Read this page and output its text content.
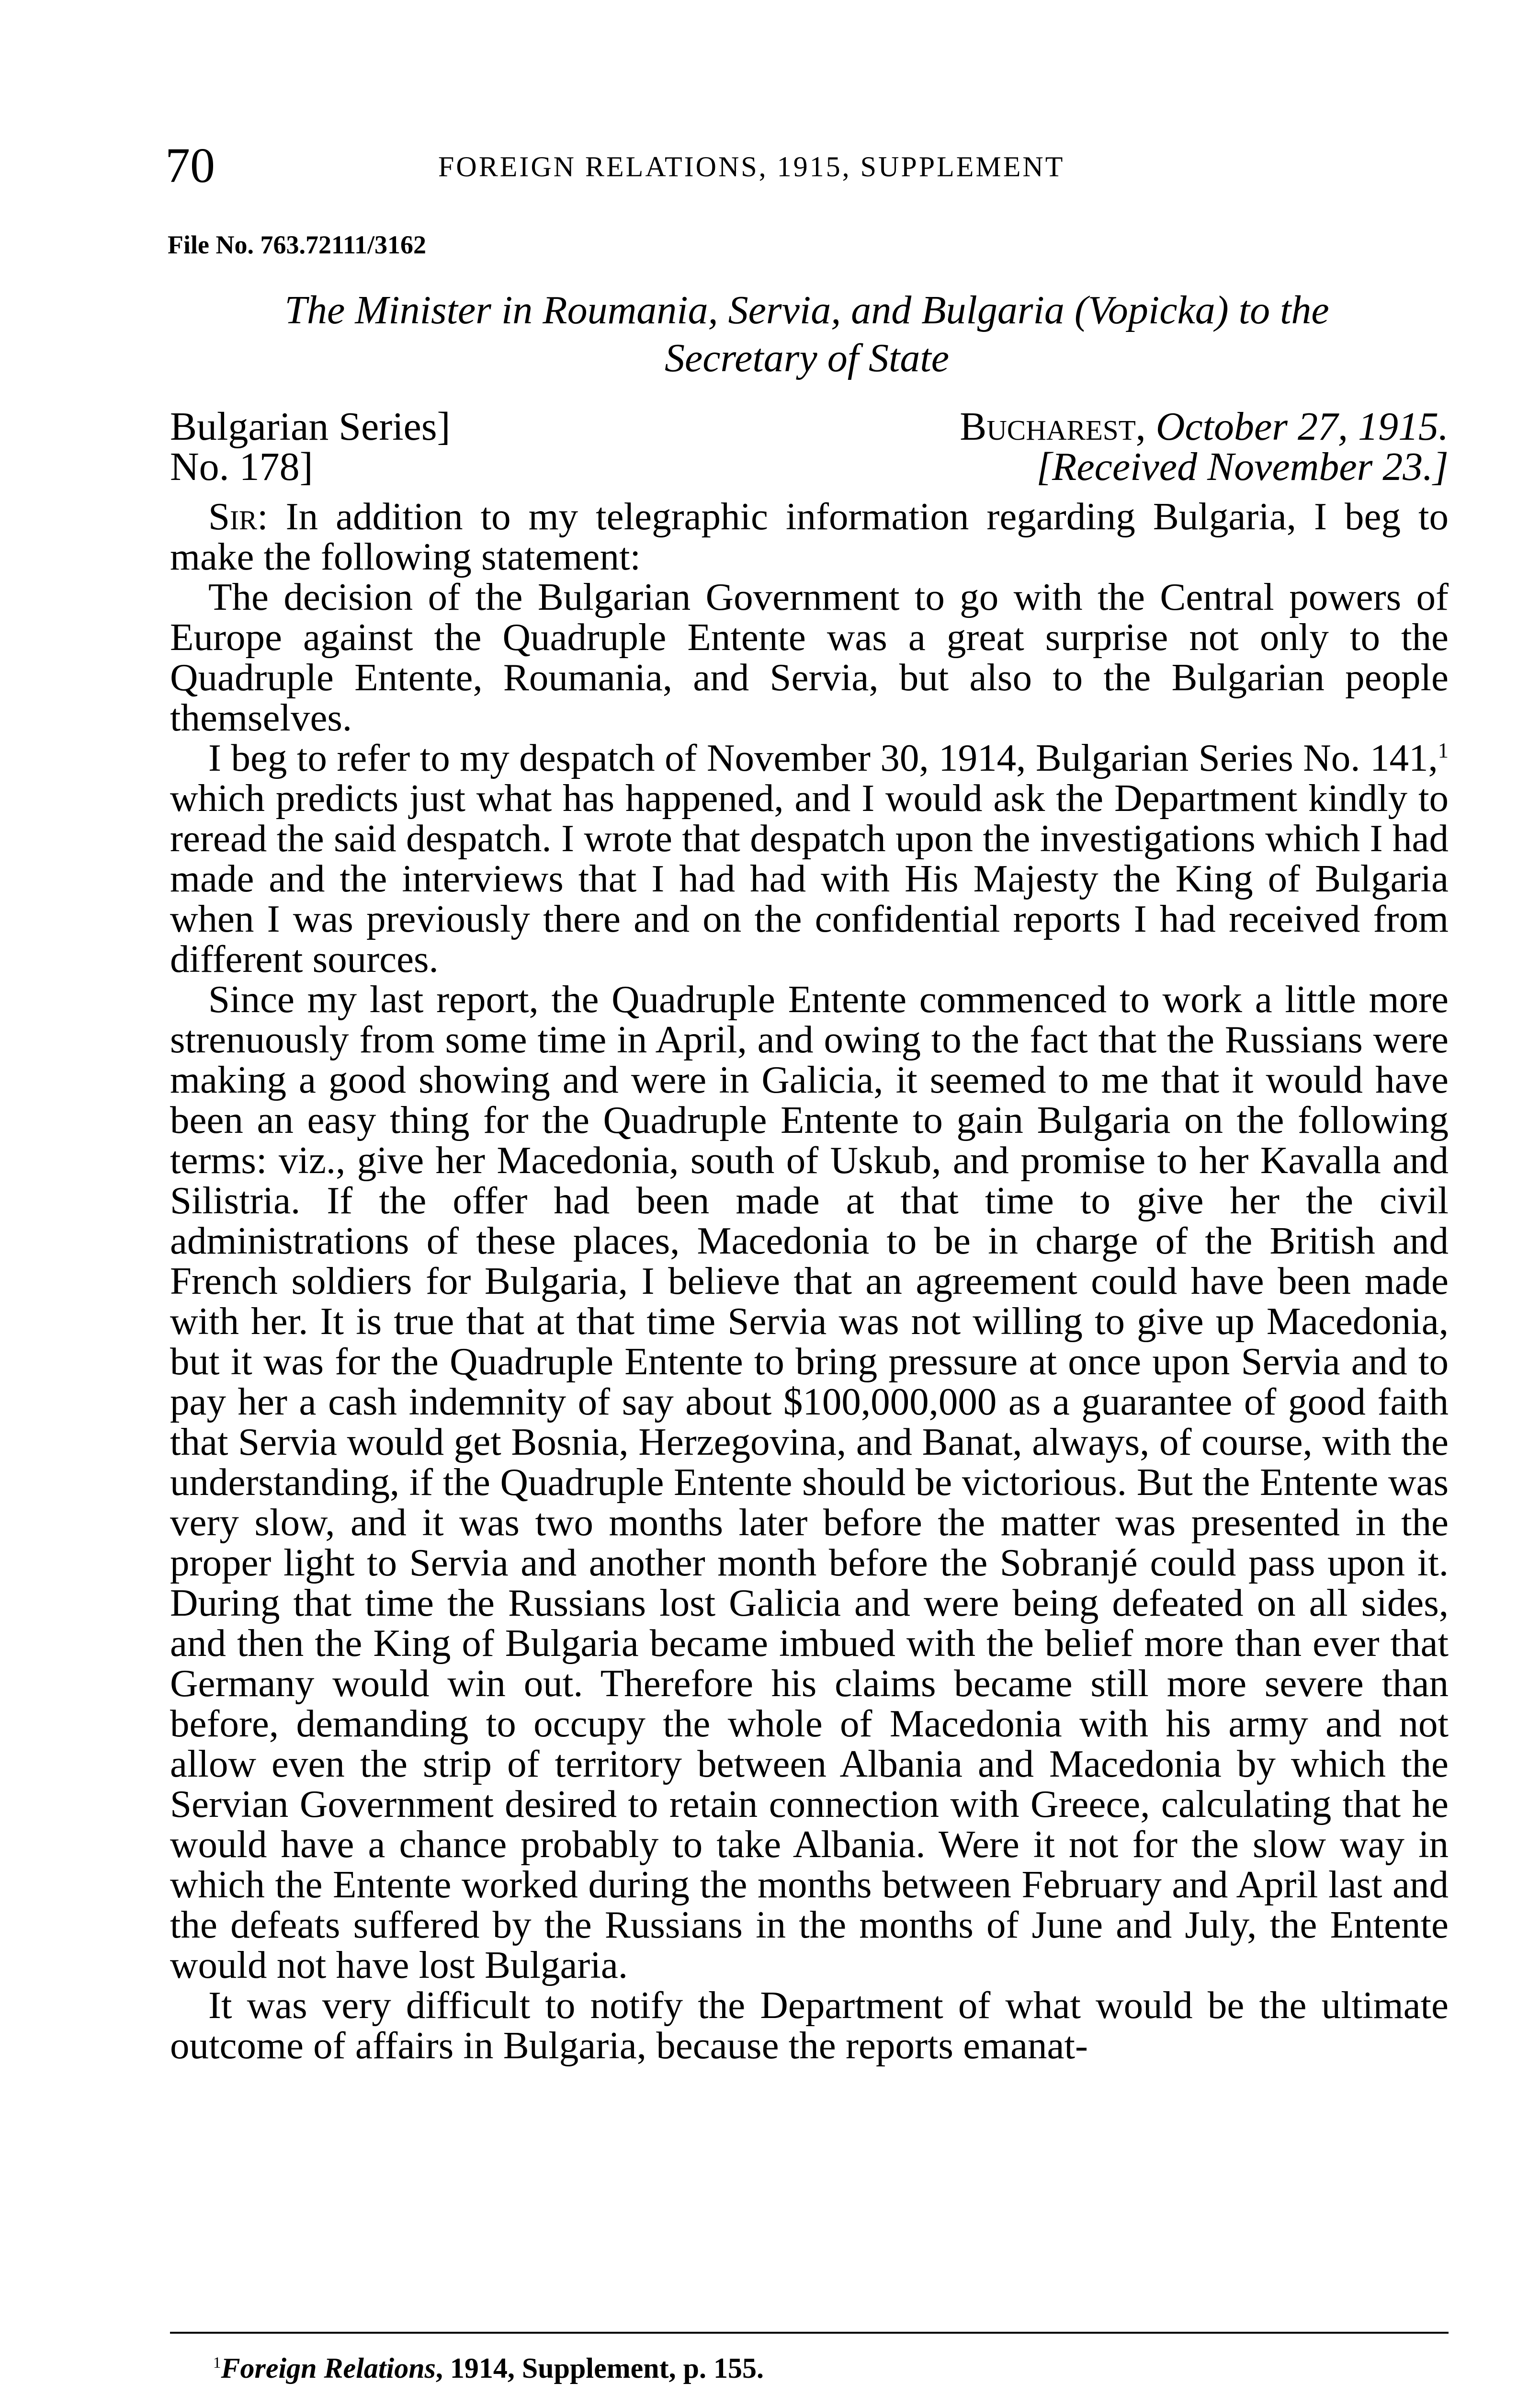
70	FOREIGN RELATIONS, 1915, SUPPLEMENT
File No. 763.72111/3162
The Minister in Roumania, Servia, and Bulgaria (Vopicka) to the
Secretary of State
Bulgarian Series]	Bucharest, October 27, 1915.
No. 178]	[Received November 23.]

Sir: In addition to my telegraphic information regarding Bulgaria, I beg to make the following statement:

The decision of the Bulgarian Government to go with the Central powers of Europe against the Quadruple Entente was a great surprise not only to the Quadruple Entente, Roumania, and Servia, but also to the Bulgarian people themselves.

I beg to refer to my despatch of November 30, 1914, Bulgarian Series No. 141,$^1$ which predicts just what has happened, and I would ask the Department kindly to reread the said despatch. I wrote that despatch upon the investigations which I had made and the interviews that I had had with His Majesty the King of Bulgaria when I was previously there and on the confidential reports I had received from different sources.

Since my last report, the Quadruple Entente commenced to work a little more strenuously from some time in April, and owing to the fact that the Russians were making a good showing and were in Galicia, it seemed to me that it would have been an easy thing for the Quadruple Entente to gain Bulgaria on the following terms: viz., give her Macedonia, south of Uskub, and promise to her Kavalla and Silistria. If the offer had been made at that time to give her the civil administrations of these places, Macedonia to be in charge of the British and French soldiers for Bulgaria, I believe that an agreement could have been made with her. It is true that at that time Servia was not willing to give up Macedonia, but it was for the Quadruple Entente to bring pressure at once upon Servia and to pay her a cash indemnity of say about $100,000,000 as a guarantee of good faith that Servia would get Bosnia, Herzegovina, and Banat, always, of course, with the understanding, if the Quadruple Entente should be victorious. But the Entente was very slow, and it was two months later before the matter was presented in the proper light to Servia and another month before the Sobranjé could pass upon it. During that time the Russians lost Galicia and were being defeated on all sides, and then the King of Bulgaria became imbued with the belief more than ever that Germany would win out. Therefore his claims became still more severe than before, demanding to occupy the whole of Macedonia with his army and not allow even the strip of territory between Albania and Macedonia by which the Servian Government desired to retain connection with Greece, calculating that he would have a chance probably to take Albania. Were it not for the slow way in which the Entente worked during the months between February and April last and the defeats suffered by the Russians in the months of June and July, the Entente would not have lost Bulgaria.

It was very difficult to notify the Department of what would be the ultimate outcome of affairs in Bulgaria, because the reports emanat-

$^1$Foreign Relations, 1914, Supplement, p. 155.
